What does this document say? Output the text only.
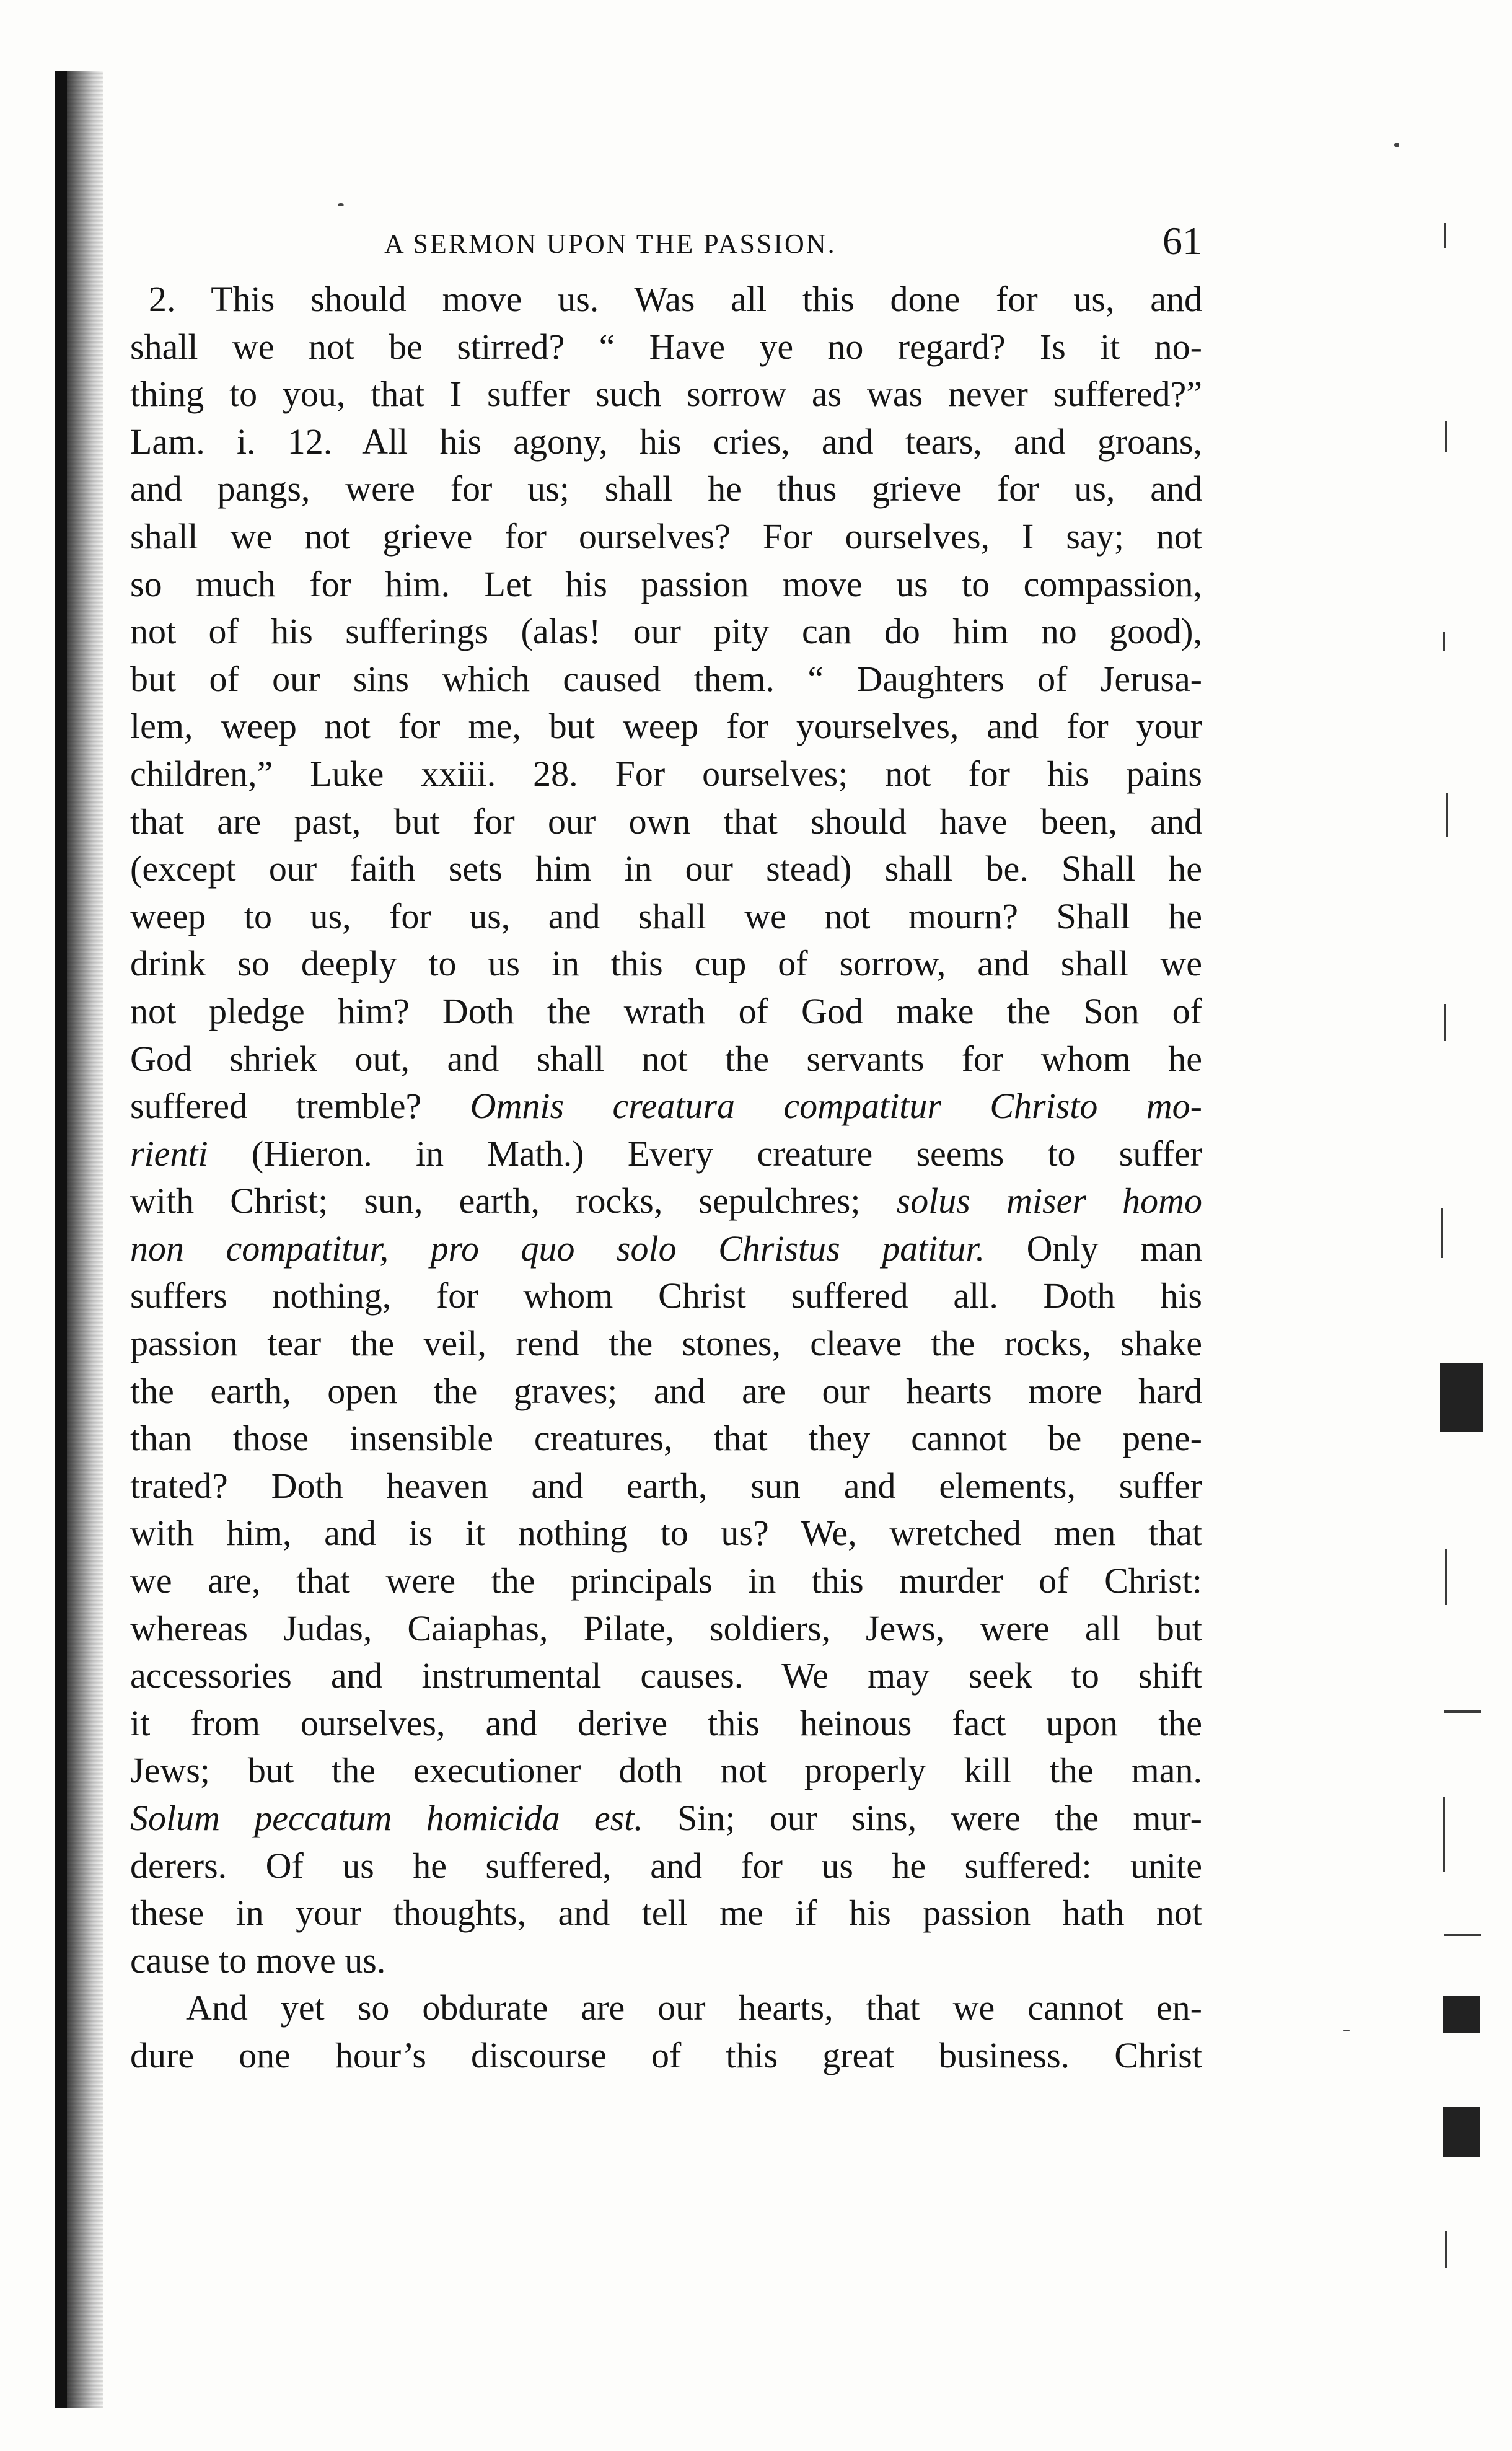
A SERMON UPON THE PASSION.	61
2. This should move us. Was all this done for us, and
shall we not be stirred? “ Have ye no regard? Is it no-
thing to you, that I suffer such sorrow as was never suffered?”
Lam. i. 12. All his agony, his cries, and tears, and groans,
and pangs, were for us; shall he thus grieve for us, and
shall we not grieve for ourselves? For ourselves, I say; not
so much for him. Let his passion move us to compassion,
not of his sufferings (alas! our pity can do him no good),
but of our sins which caused them. “ Daughters of Jerusa-
lem, weep not for me, but weep for yourselves, and for your
children,” Luke xxiii. 28. For ourselves; not for his pains
that are past, but for our own that should have been, and
(except our faith sets him in our stead) shall be. Shall he
weep to us, for us, and shall we not mourn? Shall he
drink so deeply to us in this cup of sorrow, and shall we
not pledge him? Doth the wrath of God make the Son of
God shriek out, and shall not the servants for whom he
suffered tremble? Omnis creatura compatitur Christo mo-
rienti (Hieron. in Math.) Every creature seems to suffer
with Christ; sun, earth, rocks, sepulchres; solus miser homo
non compatitur, pro quo solo Christus patitur. Only man
suffers nothing, for whom Christ suffered all. Doth his
passion tear the veil, rend the stones, cleave the rocks, shake
the earth, open the graves; and are our hearts more hard
than those insensible creatures, that they cannot be pene-
trated? Doth heaven and earth, sun and elements, suffer
with him, and is it nothing to us? We, wretched men that
we are, that were the principals in this murder of Christ:
whereas Judas, Caiaphas, Pilate, soldiers, Jews, were all but
accessories and instrumental causes. We may seek to shift
it from ourselves, and derive this heinous fact upon the
Jews; but the executioner doth not properly kill the man.
Solum peccatum homicida est. Sin; our sins, were the mur-
derers. Of us he suffered, and for us he suffered: unite
these in your thoughts, and tell me if his passion hath not
cause to move us.
And yet so obdurate are our hearts, that we cannot en-
dure one hour’s discourse of this great business. Christ
